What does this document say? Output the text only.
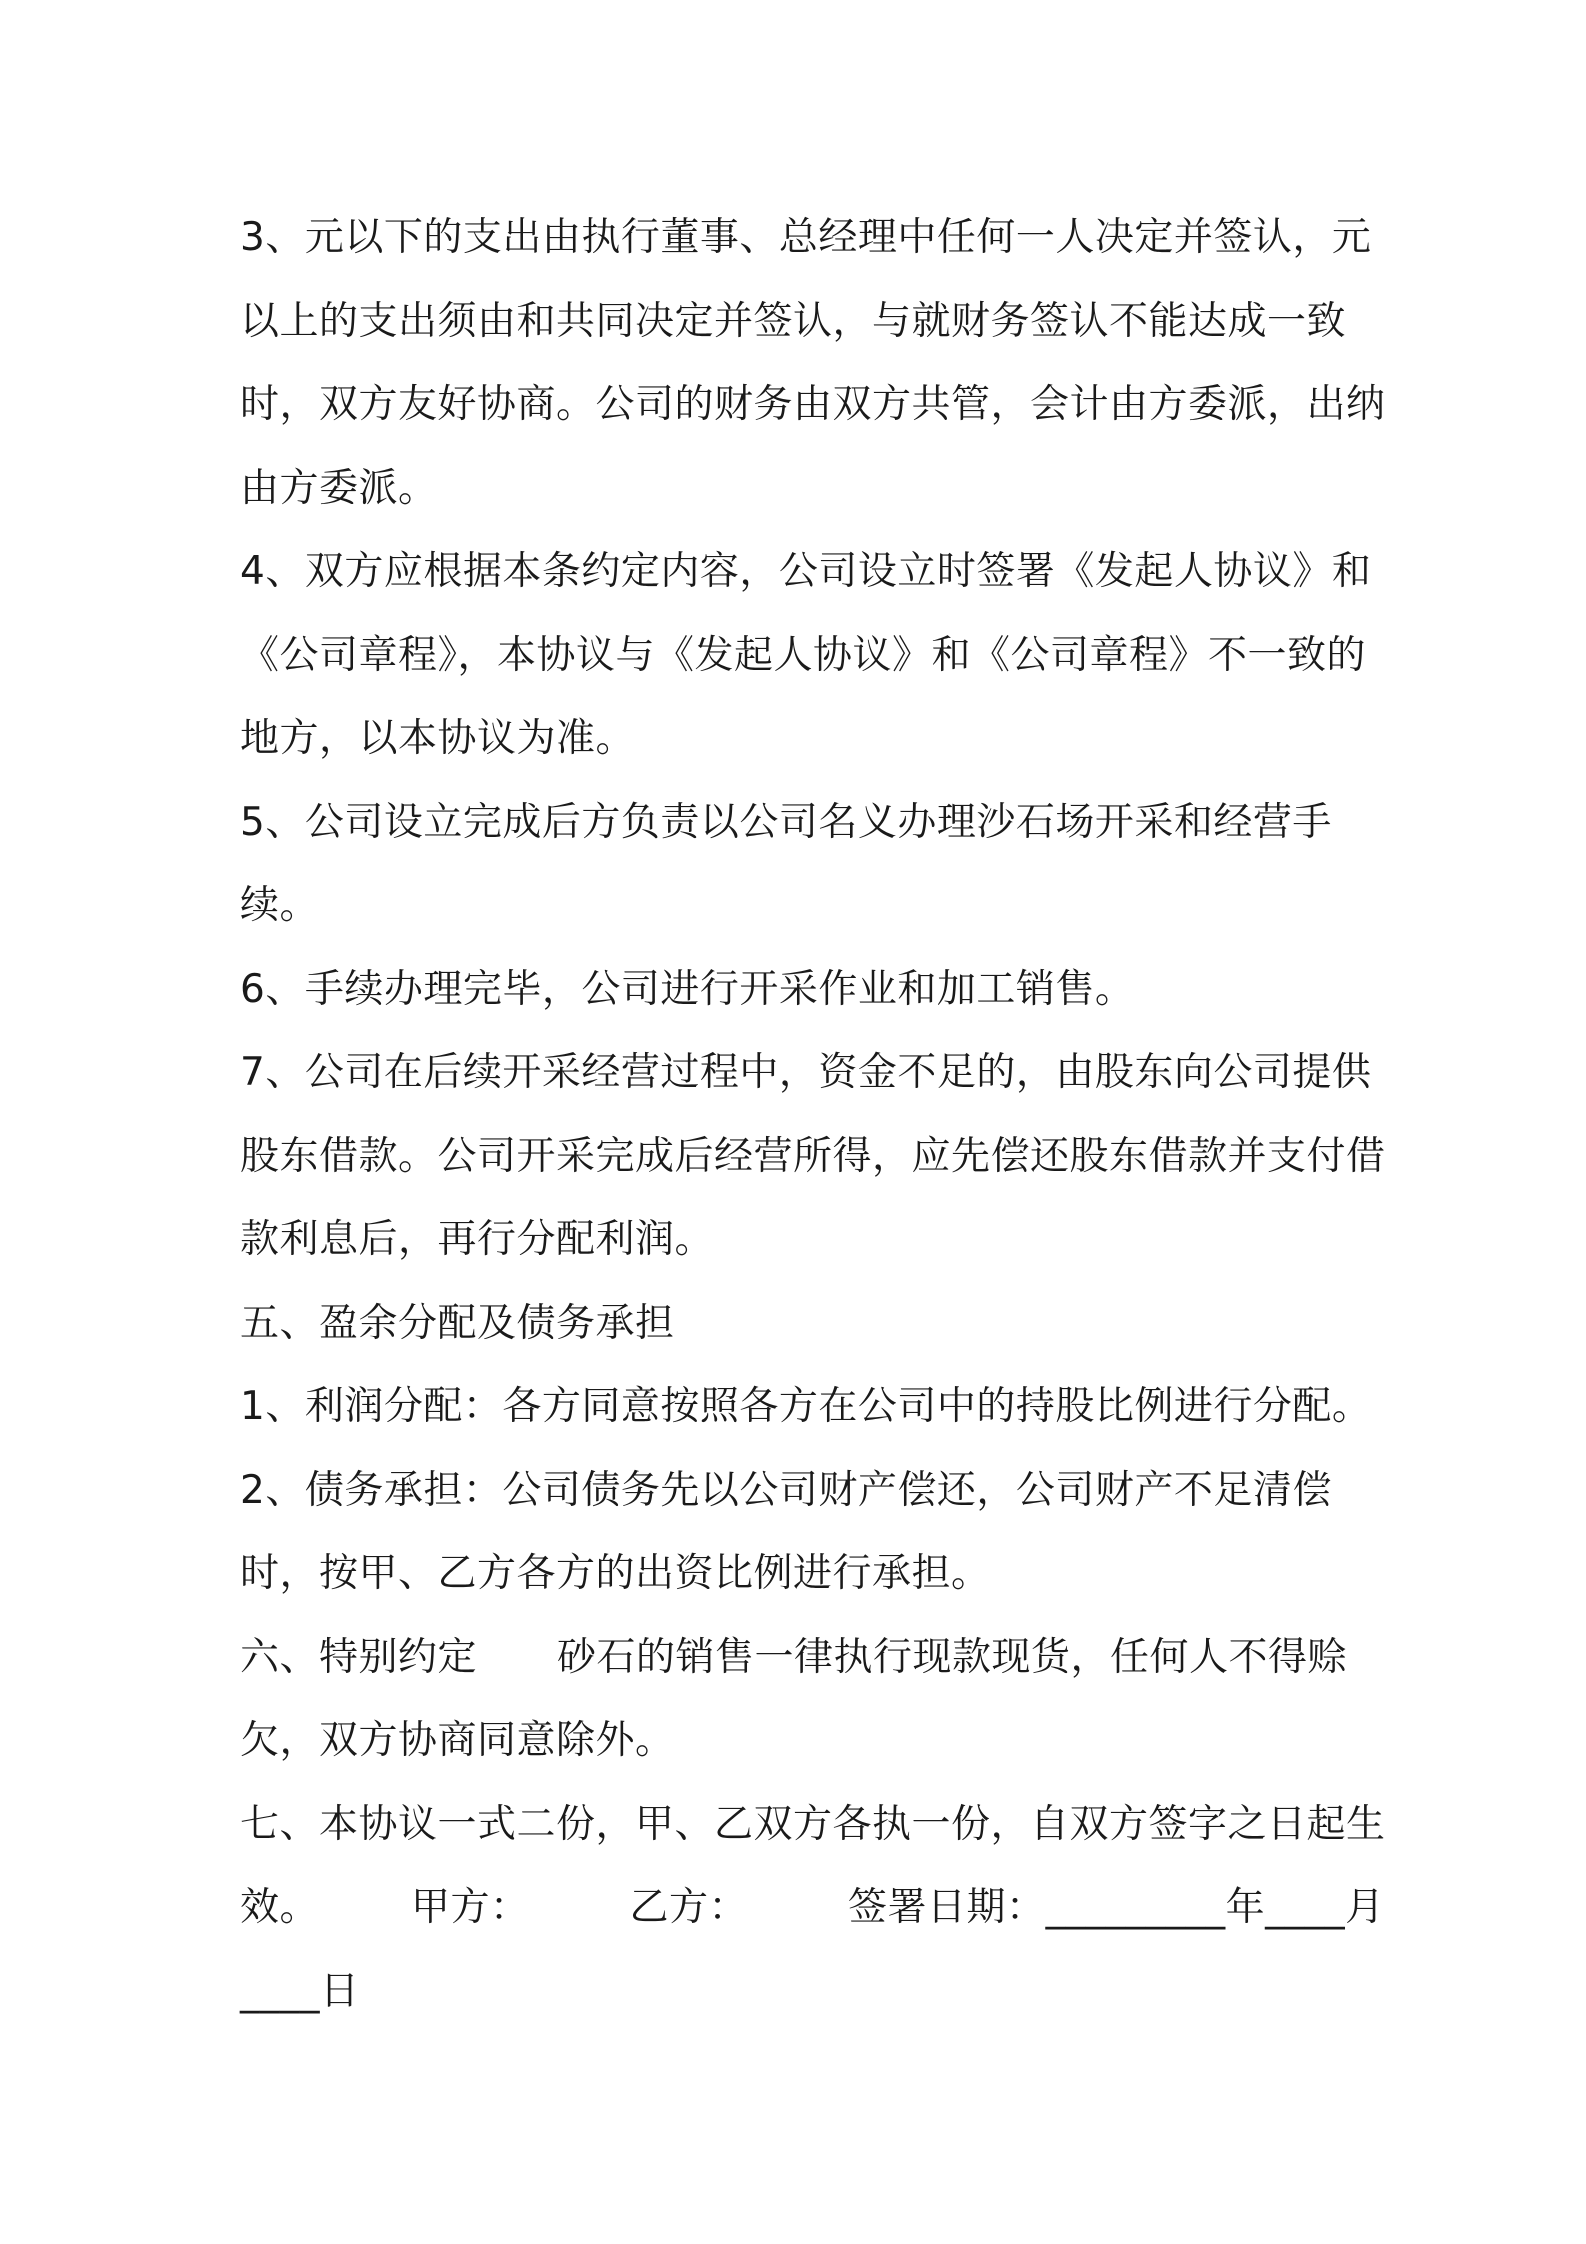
3、元以下的支出由执行董事、总经理中任何一人决定并签认，元以上的支出须由和共同决定并签认，与就财务签认不能达成一致时，双方友好协商。公司的财务由双方共管，会计由方委派，出纳由方委派。

4、双方应根据本条约定内容，公司设立时签署《发起人协议》和《公司章程》，本协议与《发起人协议》和《公司章程》不一致的地方，以本协议为准。

5、公司设立完成后方负责以公司名义办理沙石场开采和经营手续。

6、手续办理完毕，公司进行开采作业和加工销售。

7、公司在后续开采经营过程中，资金不足的，由股东向公司提供股东借款。公司开采完成后经营所得，应先偿还股东借款并支付借款利息后，再行分配利润。

五、盈余分配及债务承担

1、利润分配：各方同意按照各方在公司中的持股比例进行分配。

2、债务承担：公司债务先以公司财产偿还，公司财产不足清偿时，按甲、乙方各方的出资比例进行承担。

六、特别约定 砂石的销售一律执行现款现货，任何人不得赊欠，双方协商同意除外。

七、本协议一式二份，甲、乙双方各执一份，自双方签字之日起生效。 甲方：	乙方：	签署日期：_________年____月____日
